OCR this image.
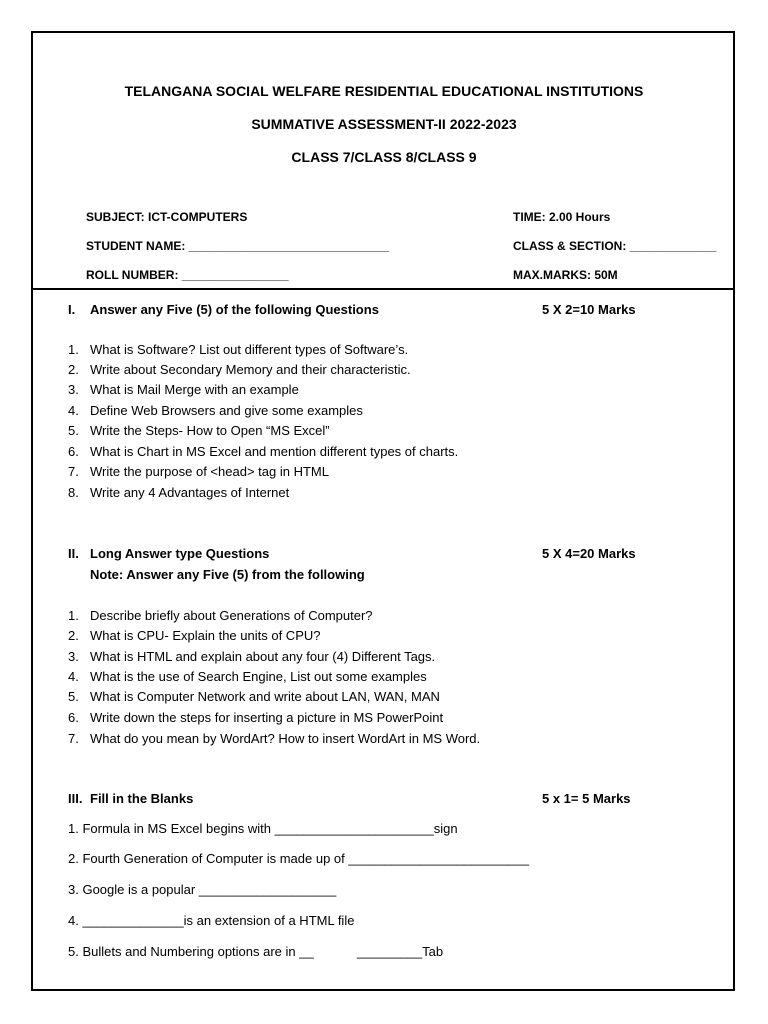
TELANGANA SOCIAL WELFARE RESIDENTIAL EDUCATIONAL INSTITUTIONS
SUMMATIVE ASSESSMENT-II 2022-2023
CLASS 7/CLASS 8/CLASS 9
SUBJECT: ICT-COMPUTERS	TIME: 2.00 Hours
STUDENT NAME: ______________________________	CLASS & SECTION: _____________
ROLL NUMBER: ________________	MAX.MARKS: 50M
I. Answer any Five (5) of the following Questions	5 X 2=10 Marks
1. What is Software? List out different types of Software’s.
2. Write about Secondary Memory and their characteristic.
3. What is Mail Merge with an example
4. Define Web Browsers and give some examples
5. Write the Steps- How to Open “MS Excel”
6. What is Chart in MS Excel and mention different types of charts.
7. Write the purpose of <head> tag in HTML
8. Write any 4 Advantages of Internet
II. Long Answer type Questions	5 X 4=20 Marks
Note: Answer any Five (5) from the following
1. Describe briefly about Generations of Computer?
2. What is CPU- Explain the units of CPU?
3. What is HTML and explain about any four (4) Different Tags.
4. What is the use of Search Engine, List out some examples
5. What is Computer Network and write about LAN, WAN, MAN
6. Write down the steps for inserting a picture in MS PowerPoint
7. What do you mean by WordArt? How to insert WordArt in MS Word.
III. Fill in the Blanks	5 x 1= 5 Marks
1. Formula in MS Excel begins with ______________________sign
2. Fourth Generation of Computer is made up of _________________________
3. Google is a popular ___________________
4. ______________is an extension of a HTML file
5. Bullets and Numbering options are in __            _________Tab
